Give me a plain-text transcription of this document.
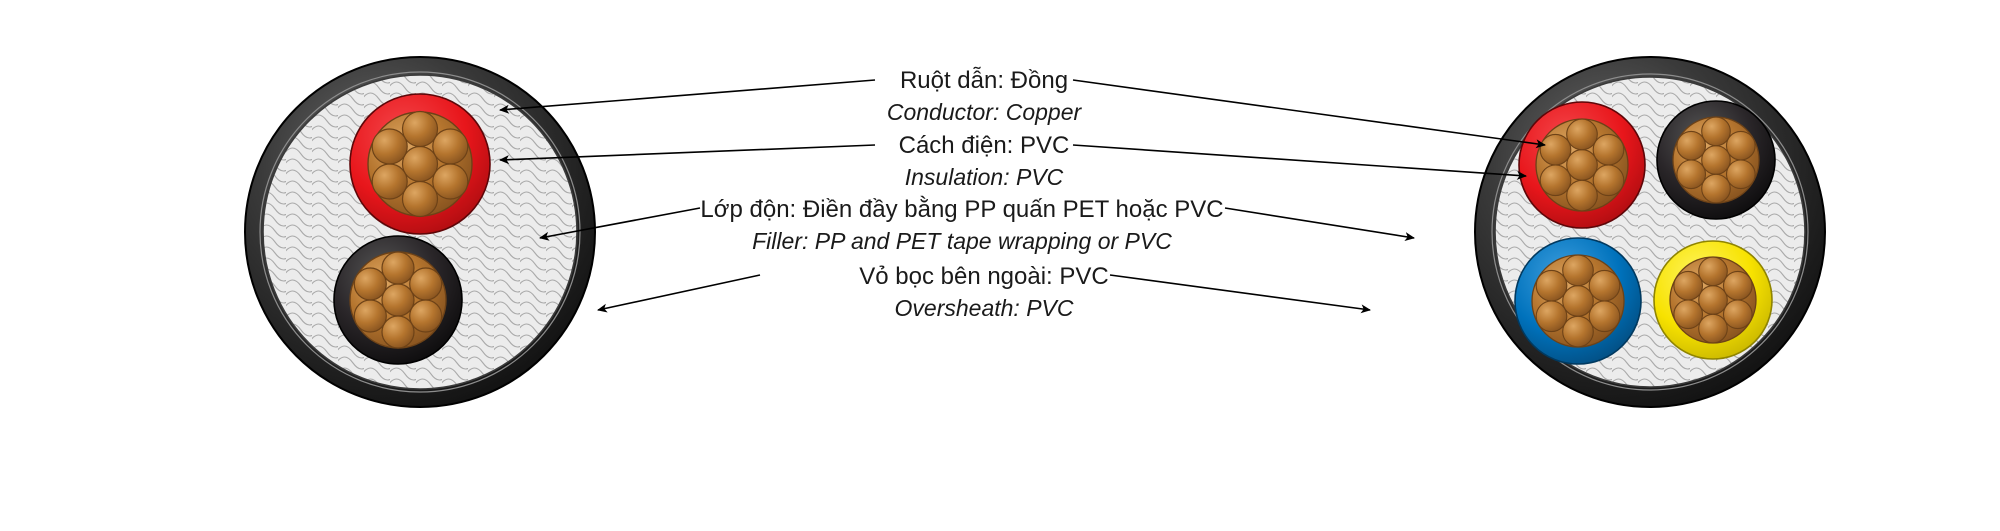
Ruột dẫn: Đồng
Conductor: Copper
Cách điện: PVC
Insulation: PVC
Lớp độn: Điền đầy bằng PP quấn PET hoặc PVC
Filler: PP and PET tape wrapping or PVC
Vỏ bọc bên ngoài: PVC
Oversheath: PVC
